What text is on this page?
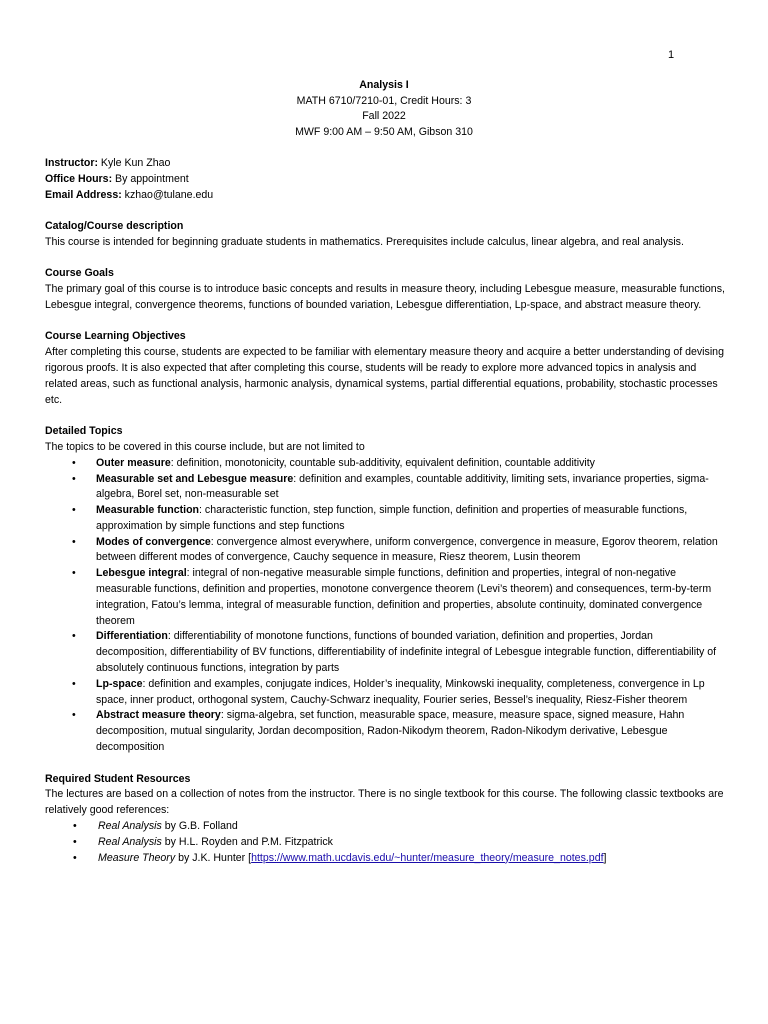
1
Analysis I
MATH 6710/7210-01, Credit Hours: 3
Fall 2022
MWF 9:00 AM – 9:50 AM, Gibson 310

Instructor: Kyle Kun Zhao

Office Hours: By appointment

Email Address: kzhao@tulane.edu

Catalog/Course description

This course is intended for beginning graduate students in mathematics. Prerequisites include calculus, linear algebra, and real analysis.

Course Goals

The primary goal of this course is to introduce basic concepts and results in measure theory, including Lebesgue measure, measurable functions, Lebesgue integral, convergence theorems, functions of bounded variation, Lebesgue differentiation, Lp-space, and abstract measure theory.

Course Learning Objectives

After completing this course, students are expected to be familiar with elementary measure theory and acquire a better understanding of devising rigorous proofs. It is also expected that after completing this course, students will be ready to explore more advanced topics in analysis and related areas, such as functional analysis, harmonic analysis, dynamical systems, partial differential equations, probability, stochastic processes etc.

Detailed Topics

The topics to be covered in this course include, but are not limited to

• Outer measure: definition, monotonicity, countable sub-additivity, equivalent definition, countable additivity
• Measurable set and Lebesgue measure: definition and examples, countable additivity, limiting sets, invariance properties, sigma-algebra, Borel set, non-measurable set
• Measurable function: characteristic function, step function, simple function, definition and properties of measurable functions, approximation by simple functions and step functions
• Modes of convergence: convergence almost everywhere, uniform convergence, convergence in measure, Egorov theorem, relation between different modes of convergence, Cauchy sequence in measure, Riesz theorem, Lusin theorem
• Lebesgue integral: integral of non-negative measurable simple functions, definition and properties, integral of non-negative measurable functions, definition and properties, monotone convergence theorem (Levi’s theorem) and consequences, term-by-term integration, Fatou’s lemma, integral of measurable function, definition and properties, absolute continuity, dominated convergence theorem
• Differentiation: differentiability of monotone functions, functions of bounded variation, definition and properties, Jordan decomposition, differentiability of BV functions, differentiability of indefinite integral of Lebesgue integrable function, differentiability of absolutely continuous functions, integration by parts
• Lp-space: definition and examples, conjugate indices, Holder’s inequality, Minkowski inequality, completeness, convergence in Lp space, inner product, orthogonal system, Cauchy-Schwarz inequality, Fourier series, Bessel’s inequality, Riesz-Fisher theorem
• Abstract measure theory: sigma-algebra, set function, measurable space, measure, measure space, signed measure, Hahn decomposition, mutual singularity, Jordan decomposition, Radon-Nikodym theorem, Radon-Nikodym derivative, Lebesgue decomposition

Required Student Resources

The lectures are based on a collection of notes from the instructor. There is no single textbook for this course. The following classic textbooks are relatively good references:

• Real Analysis by G.B. Folland
• Real Analysis by H.L. Royden and P.M. Fitzpatrick
• Measure Theory by J.K. Hunter [https://www.math.ucdavis.edu/~hunter/measure_theory/measure_notes.pdf]
